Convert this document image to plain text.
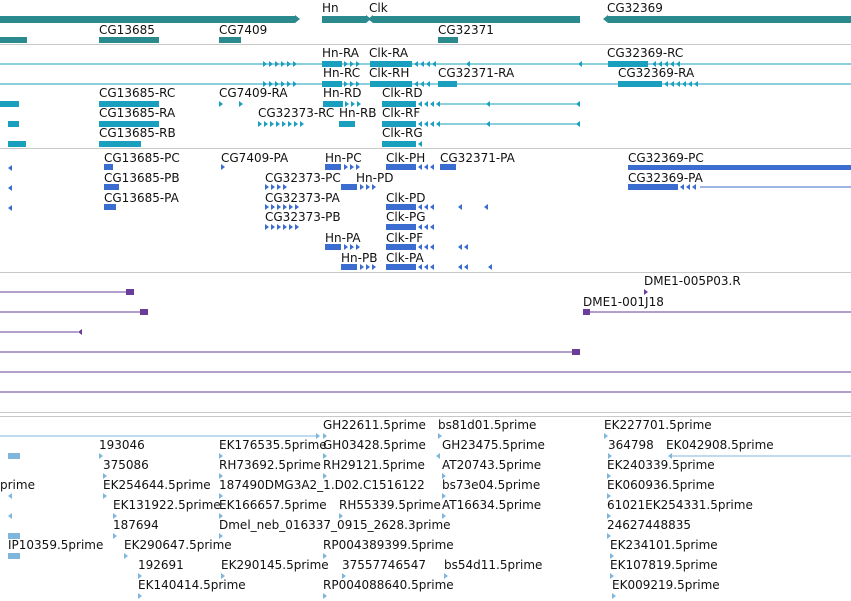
Hn	Clk	CG32369
CG13685	CG7409	CG32371
Hn-RA Clk-RA	CG32369-RC
Hn-RC Clk-RH CG32371-RA	CG32369-RA
CG13685-RC	CG7409-RA	Hn-RD Clk-RD
CG13685-RA	CG32373-RC Hn-RB Clk-RF
CG13685-RB	Clk-RG
CG13685-PC	CG7409-PA	Hn-PC Clk-PH CG32371-PA	CG32369-PC
CG13685-PB	CG32373-PC Hn-PD	CG32369-PA
CG13685-PA	CG32373-PA	Clk-PD
CG32373-PB	Clk-PG
Hn-PA Clk-PF
Hn-PB Clk-PA
DME1-005P03.R
DME1-001J18
GH22611.5prime bs81d01.5prime	EK227701.5prime
193046	EK176535.5prime
GH03428.5prime GH23475.5prime	364798 EK042908.5prime
375086	RH73692.5prime RH29121.5prime AT20743.5prime	EK240339.5prime
prime	EK254644.5prime 187490DMG3A2_1.D02.C1516122 bs73e04.5prime	EK060936.5prime
EK131922.5prime
EK166657.5prime RH55339.5prime AT16634.5prime	61021EK254331.5prime
187694	Dmel_neb_016337_0915_2628.3prime	24627448835
IP10359.5prime EK290647.5prime	RP004389399.5prime	EK234101.5prime
192691	EK290145.5prime 37557746547 bs54d11.5prime	EK107819.5prime
EK140414.5prime	RP004088640.5prime	EK009219.5prime
